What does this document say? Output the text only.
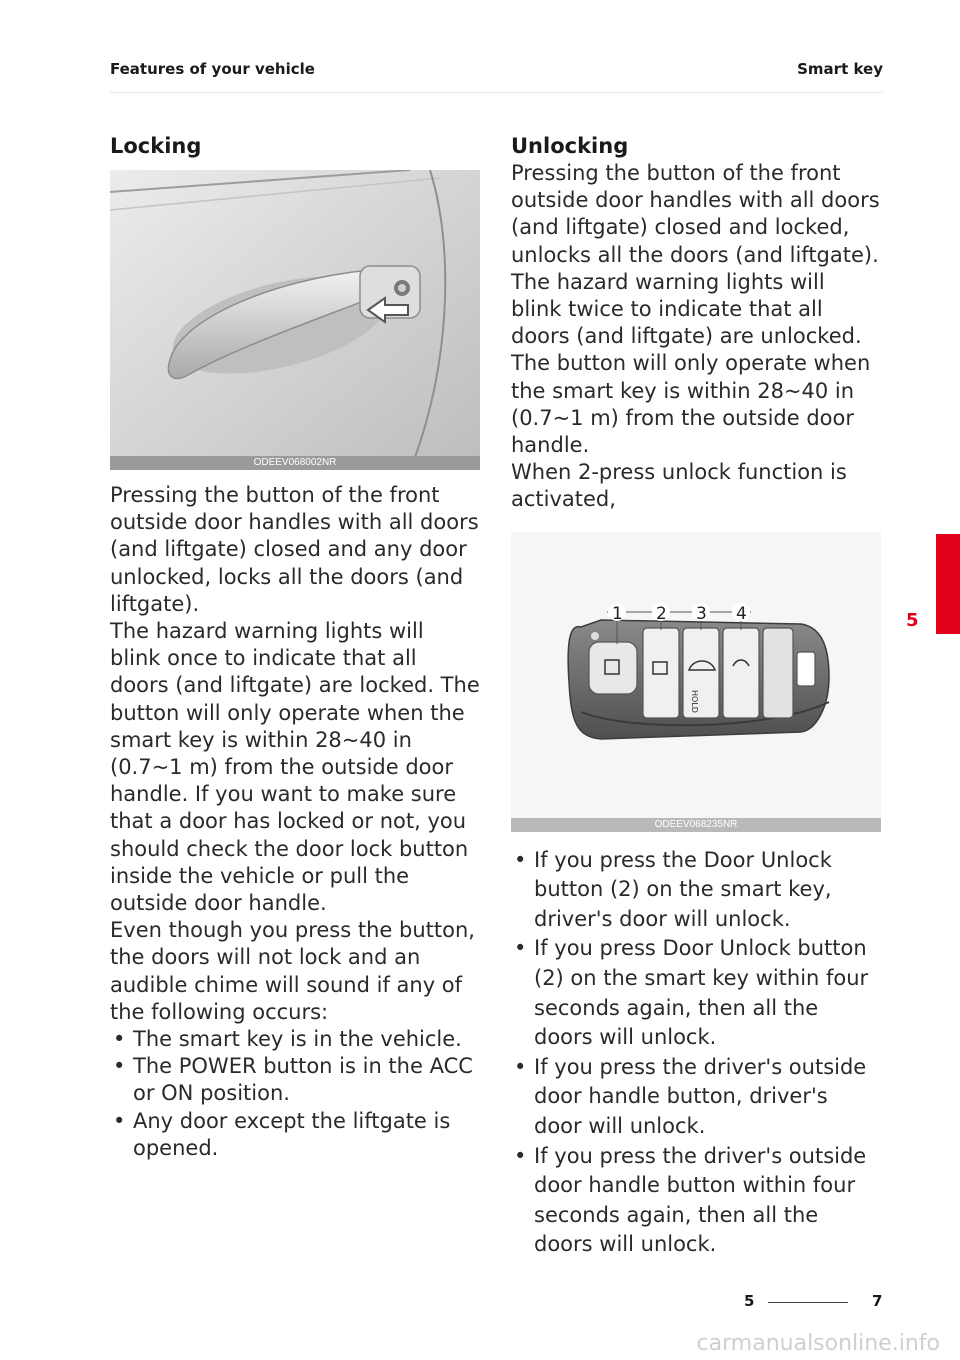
Features of your vehicle	Smart key
Locking
ODEEV068002NR

Pressing the button of the front outside door handles with all doors (and liftgate) closed and any door unlocked, locks all the doors (and liftgate).

The hazard warning lights will blink once to indicate that all doors (and liftgate) are locked. The button will only operate when the smart key is within 28~40 in (0.7~1 m) from the outside door handle. If you want to make sure that a door has locked or not, you should check the door lock button inside the vehicle or pull the outside door handle.

Even though you press the button, the doors will not lock and an audible chime will sound if any of the following occurs:

• The smart key is in the vehicle.
• The POWER button is in the ACC or ON position.
• Any door except the liftgate is opened.
Unlocking

Pressing the button of the front outside door handles with all doors (and liftgate) closed and locked, unlocks all the doors (and liftgate). The hazard warning lights will blink twice to indicate that all doors (and liftgate) are unlocked. The button will only operate when the smart key is within 28~40 in (0.7~1 m) from the outside door handle.

When 2-press unlock function is activated,

HOLD
1 2 3 4
ODEEV068235NR
• If you press the Door Unlock button (2) on the smart key, driver's door will unlock.
• If you press Door Unlock button (2) on the smart key within four seconds again, then all the doors will unlock.
• If you press the driver's outside door handle button, driver's door will unlock.
• If you press the driver's outside door handle button within four seconds again, then all the doors will unlock.
5
5	7
carmanualsonline.info
